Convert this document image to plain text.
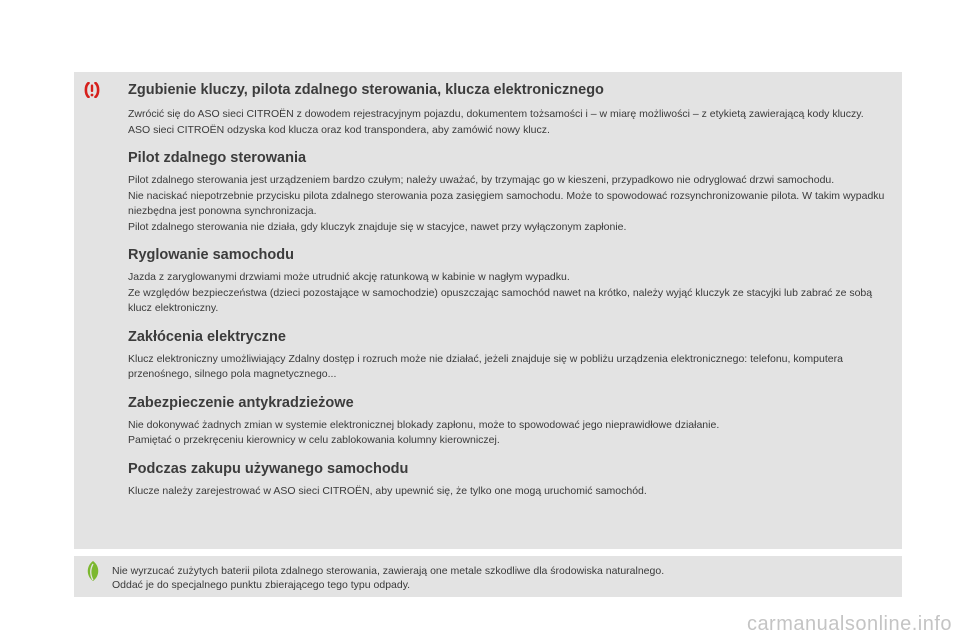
Zgubienie kluczy, pilota zdalnego sterowania, klucza elektronicznego

Zwrócić się do ASO sieci CITROËN z dowodem rejestracyjnym pojazdu, dokumentem tożsamości i – w miarę możliwości – z etykietą zawierającą kody kluczy.

ASO sieci CITROËN odzyska kod klucza oraz kod transpondera, aby zamówić nowy klucz.

Pilot zdalnego sterowania

Pilot zdalnego sterowania jest urządzeniem bardzo czułym; należy uważać, by trzymając go w kieszeni, przypadkowo nie odryglować drzwi samochodu.

Nie naciskać niepotrzebnie przycisku pilota zdalnego sterowania poza zasięgiem samochodu. Może to spowodować rozsynchronizowanie pilota. W takim wypadku niezbędna jest ponowna synchronizacja.

Pilot zdalnego sterowania nie działa, gdy kluczyk znajduje się w stacyjce, nawet przy wyłączonym zapłonie.

Ryglowanie samochodu

Jazda z zaryglowanymi drzwiami może utrudnić akcję ratunkową w kabinie w nagłym wypadku.

Ze względów bezpieczeństwa (dzieci pozostające w samochodzie) opuszczając samochód nawet na krótko, należy wyjąć kluczyk ze stacyjki lub zabrać ze sobą klucz elektroniczny.

Zakłócenia elektryczne

Klucz elektroniczny umożliwiający Zdalny dostęp i rozruch może nie działać, jeżeli znajduje się w pobliżu urządzenia elektronicznego: telefonu, komputera przenośnego, silnego pola magnetycznego...

Zabezpieczenie antykradzieżowe

Nie dokonywać żadnych zmian w systemie elektronicznej blokady zapłonu, może to spowodować jego nieprawidłowe działanie.

Pamiętać o przekręceniu kierownicy w celu zablokowania kolumny kierowniczej.

Podczas zakupu używanego samochodu

Klucze należy zarejestrować w ASO sieci CITROËN, aby upewnić się, że tylko one mogą uruchomić samochód.

Nie wyrzucać zużytych baterii pilota zdalnego sterowania, zawierają one metale szkodliwe dla środowiska naturalnego.

Oddać je do specjalnego punktu zbierającego tego typu odpady.

carmanualsonline.info
